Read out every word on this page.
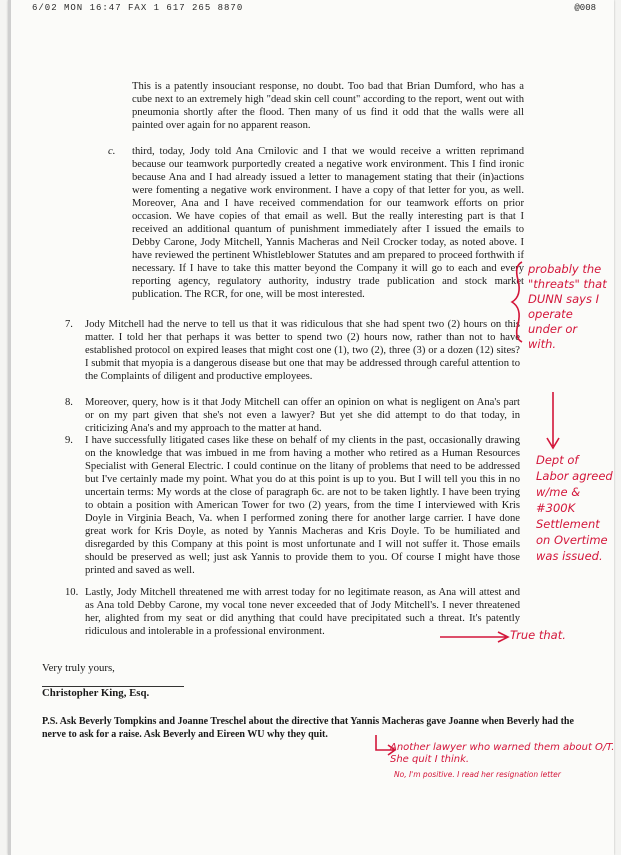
6/02 MON 16:47 FAX 1 617 265 8870	@008
This is a patently insouciant response, no doubt. Too bad that Brian Dumford, who has a cube next to an extremely high "dead skin cell count" according to the report, went out with pneumonia shortly after the flood. Then many of us find it odd that the walls were all painted over again for no apparent reason.
c. third, today, Jody told Ana Crnilovic and I that we would receive a written reprimand because our teamwork purportedly created a negative work environment. This I find ironic because Ana and I had already issued a letter to management stating that their (in)actions were fomenting a negative work environment. I have a copy of that letter for you, as well. Moreover, Ana and I have received commendation for our teamwork efforts on prior occasion. We have copies of that email as well. But the really interesting part is that I received an additional quantum of punishment immediately after I issued the emails to Debby Carone, Jody Mitchell, Yannis Macheras and Neil Crocker today, as noted above. I have reviewed the pertinent Whistleblower Statutes and am prepared to proceed forthwith if necessary. If I have to take this matter beyond the Company it will go to each and every reporting agency, regulatory authority, industry trade publication and stock market publication. The RCR, for one, will be most interested.
7.	Jody Mitchell had the nerve to tell us that it was ridiculous that she had spent two (2) hours on this matter. I told her that perhaps it was better to spend two (2) hours now, rather than not to have established protocol on expired leases that might cost one (1), two (2), three (3) or a dozen (12) sites? I submit that myopia is a dangerous disease but one that may be addressed through careful attention to the Complaints of diligent and productive employees.
8.	Moreover, query, how is it that Jody Mitchell can offer an opinion on what is negligent on Ana's part or on my part given that she's not even a lawyer? But yet she did attempt to do that today, in criticizing Ana's and my approach to the matter at hand.
9.	I have successfully litigated cases like these on behalf of my clients in the past, occasionally drawing on the knowledge that was imbued in me from having a mother who retired as a Human Resources Specialist with General Electric. I could continue on the litany of problems that need to be addressed but I've certainly made my point. What you do at this point is up to you. But I will tell you this in no uncertain terms: My words at the close of paragraph 6c. are not to be taken lightly. I have been trying to obtain a position with American Tower for two (2) years, from the time I interviewed with Kris Doyle in Virginia Beach, Va. when I performed zoning there for another large carrier. I have done great work for Kris Doyle, as noted by Yannis Macheras and Kris Doyle. To be humiliated and disregarded by this Company at this point is most unfortunate and I will not suffer it. Those emails should be preserved as well; just ask Yannis to provide them to you. Of course I might have those printed and saved as well.
10. Lastly, Jody Mitchell threatened me with arrest today for no legitimate reason, as Ana will attest and as Ana told Debby Carone, my vocal tone never exceeded that of Jody Mitchell's. I never threatened her, alighted from my seat or did anything that could have precipitated such a threat. It's patently ridiculous and intolerable in a professional environment.
Very truly yours,
Christopher King, Esq.
P.S. Ask Beverly Tompkins and Joanne Treschel about the directive that Yannis Macheras gave Joanne when Beverly had the nerve to ask for a raise. Ask Beverly and Eireen WU why they quit.
probably the "threats" that DUNN says I operate under or with.
Dept of Labor agreed w/me & #300K Settlement on Overtime was issued.
True that.
Another lawyer who warned them about O/T. She quit I think.
No, I'm positive. I read her resignation letter
